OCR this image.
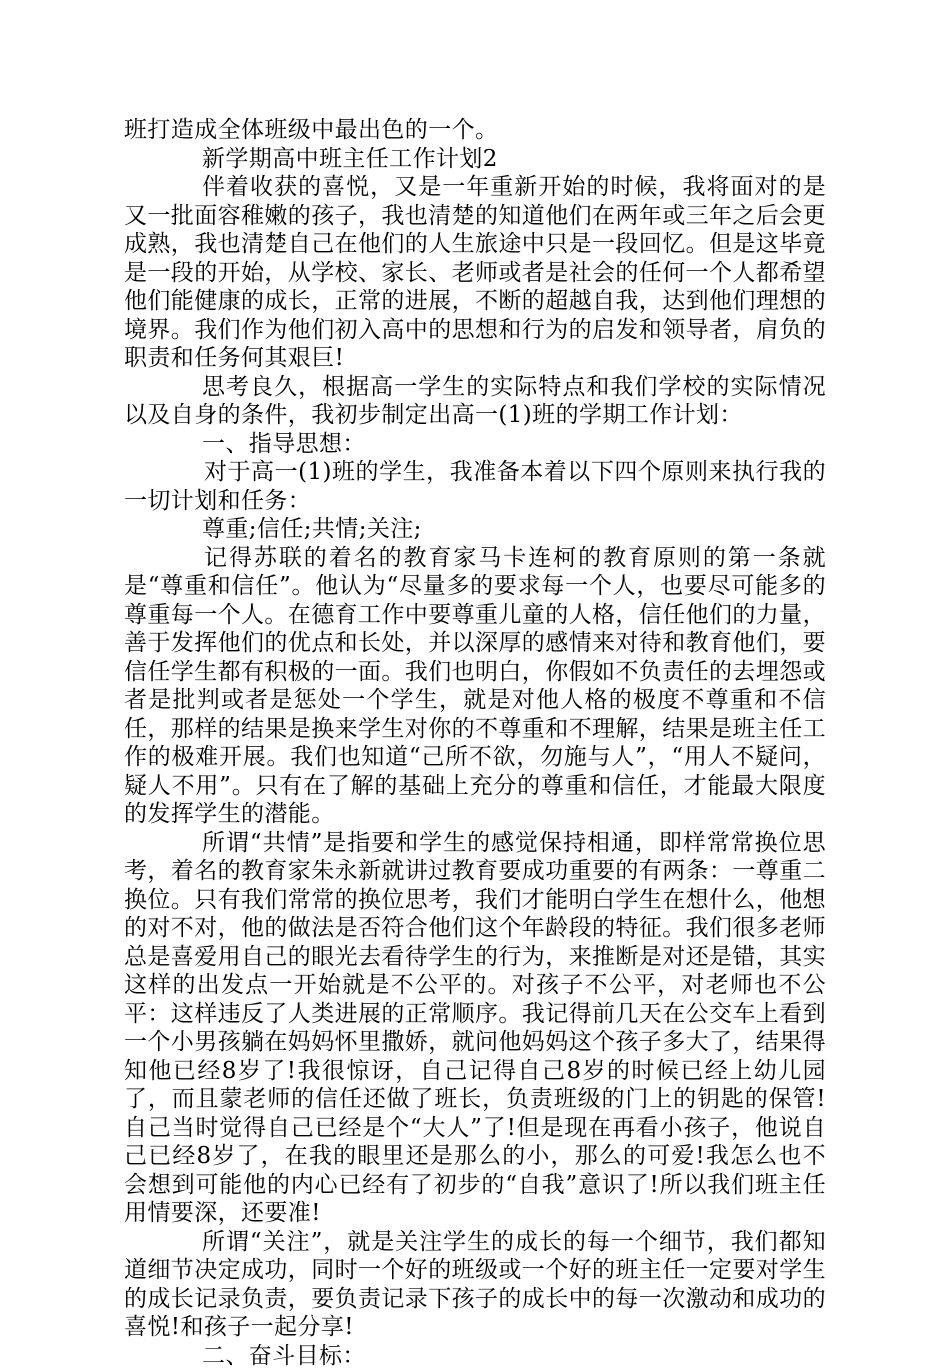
班打造成全体班级中最出色的一个。

新学期高中班主任工作计划2

伴着收获的喜悦，又是一年重新开始的时候，我将面对的是又一批面容稚嫩的孩子，我也清楚的知道他们在两年或三年之后会更成熟，我也清楚自己在他们的人生旅途中只是一段回忆。但是这毕竟是一段的开始，从学校、家长、老师或者是社会的任何一个人都希望他们能健康的成长，正常的进展，不断的超越自我，达到他们理想的境界。我们作为他们初入高中的思想和行为的启发和领导者，肩负的职责和任务何其艰巨!

思考良久，根据高一学生的实际特点和我们学校的实际情况以及自身的条件，我初步制定出高一(1)班的学期工作计划：

一、指导思想：

对于高一(1)班的学生，我准备本着以下四个原则来执行我的一切计划和任务：

尊重;信任;共情;关注;

记得苏联的着名的教育家马卡连柯的教育原则的第一条就是“尊重和信任”。他认为“尽量多的要求每一个人，也要尽可能多的尊重每一个人。在德育工作中要尊重儿童的人格，信任他们的力量，善于发挥他们的优点和长处，并以深厚的感情来对待和教育他们，要信任学生都有积极的一面。我们也明白，你假如不负责任的去埋怨或者是批判或者是惩处一个学生，就是对他人格的极度不尊重和不信任，那样的结果是换来学生对你的不尊重和不理解，结果是班主任工作的极难开展。我们也知道“己所不欲，勿施与人”，“用人不疑问，疑人不用”。只有在了解的基础上充分的尊重和信任，才能最大限度的发挥学生的潜能。

所谓“共情”是指要和学生的感觉保持相通，即样常常换位思考，着名的教育家朱永新就讲过教育要成功重要的有两条：一尊重二换位。只有我们常常的换位思考，我们才能明白学生在想什么，他想的对不对，他的做法是否符合他们这个年龄段的特征。我们很多老师总是喜爱用自己的眼光去看待学生的行为，来推断是对还是错，其实这样的出发点一开始就是不公平的。对孩子不公平，对老师也不公平：这样违反了人类进展的正常顺序。我记得前几天在公交车上看到一个小男孩躺在妈妈怀里撒娇，就问他妈妈这个孩子多大了，结果得知他已经8岁了!我很惊讶，自己记得自己8岁的时候已经上幼儿园了，而且蒙老师的信任还做了班长，负责班级的门上的钥匙的保管!自己当时觉得自己已经是个“大人”了!但是现在再看小孩子，他说自己已经8岁了，在我的眼里还是那么的小，那么的可爱!我怎么也不会想到可能他的内心已经有了初步的“自我”意识了!所以我们班主任用情要深，还要准!

所谓“关注”，就是关注学生的成长的每一个细节，我们都知道细节决定成功，同时一个好的班级或一个好的班主任一定要对学生的成长记录负责，要负责记录下孩子的成长中的每一次激动和成功的喜悦!和孩子一起分享!

二、奋斗目标：
